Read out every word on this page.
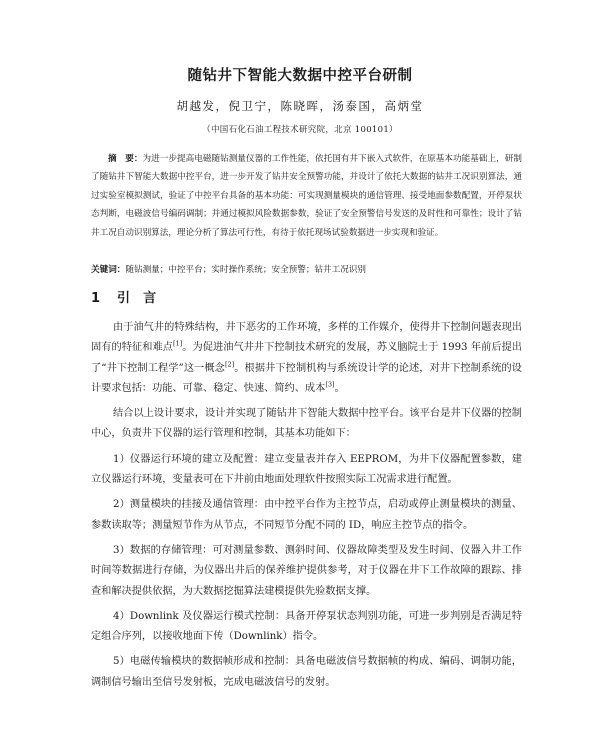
随钻井下智能大数据中控平台研制
胡越发，倪卫宁，陈晓晖，汤泰国，高炳堂
（中国石化石油工程技术研究院，北京 100101）
摘　要：为进一步提高电磁随钻测量仪器的工作性能，依托国有井下嵌入式软件，在原基本功能基础上，研制了随钻井下智能大数据中控平台，进一步开发了钻井安全预警功能，并设计了依托大数据的钻井工况识别算法，通过实验室模拟测试，验证了中控平台具备的基本功能：可实现测量模块的通信管理、接受地面参数配置，开停泵状态判断，电磁波信号编码调制；并通过模拟风险数据参数，验证了安全预警信号发送的及时性和可靠性；设计了钻井工况自动识别算法，理论分析了算法可行性，有待于依托现场试验数据进一步实现和验证。
关键词：随钻测量；中控平台；实时操作系统；安全预警；钻井工况识别
1 引 言

由于油气井的特殊结构，井下恶劣的工作环境，多样的工作媒介，使得井下控制问题表现出固有的特征和难点[1]。为促进油气井井下控制技术研究的发展，苏义脑院士于 1993 年前后提出了“井下控制工程学”这一概念[2]。根据井下控制机构与系统设计学的论述，对井下控制系统的设计要求包括：功能、可靠、稳定、快速、简约、成本[3]。

结合以上设计要求，设计并实现了随钻井下智能大数据中控平台。该平台是井下仪器的控制中心，负责井下仪器的运行管理和控制，其基本功能如下：

1）仪器运行环境的建立及配置：建立变量表并存入 EEPROM，为井下仪器配置参数，建立仪器运行环境，变量表可在下井前由地面处理软件按照实际工况需求进行配置。

2）测量模块的挂接及通信管理：由中控平台作为主控节点，启动或停止测量模块的测量、参数读取等；测量短节作为从节点，不同短节分配不同的 ID，响应主控节点的指令。

3）数据的存储管理：可对测量参数、测斜时间、仪器故障类型及发生时间、仪器入井工作时间等数据进行存储，为仪器出井后的保养维护提供参考，对于仪器在井下工作故障的跟踪、排查和解决提供依据，为大数据挖掘算法建模提供先验数据支撑。

4）Downlink 及仪器运行模式控制：具备开停泵状态判别功能，可进一步判别是否满足特定组合序列，以接收地面下传（Downlink）指令。

5）电磁传输模块的数据帧形成和控制：具备电磁波信号数据帧的构成、编码、调制功能，调制信号输出至信号发射板，完成电磁波信号的发射。
